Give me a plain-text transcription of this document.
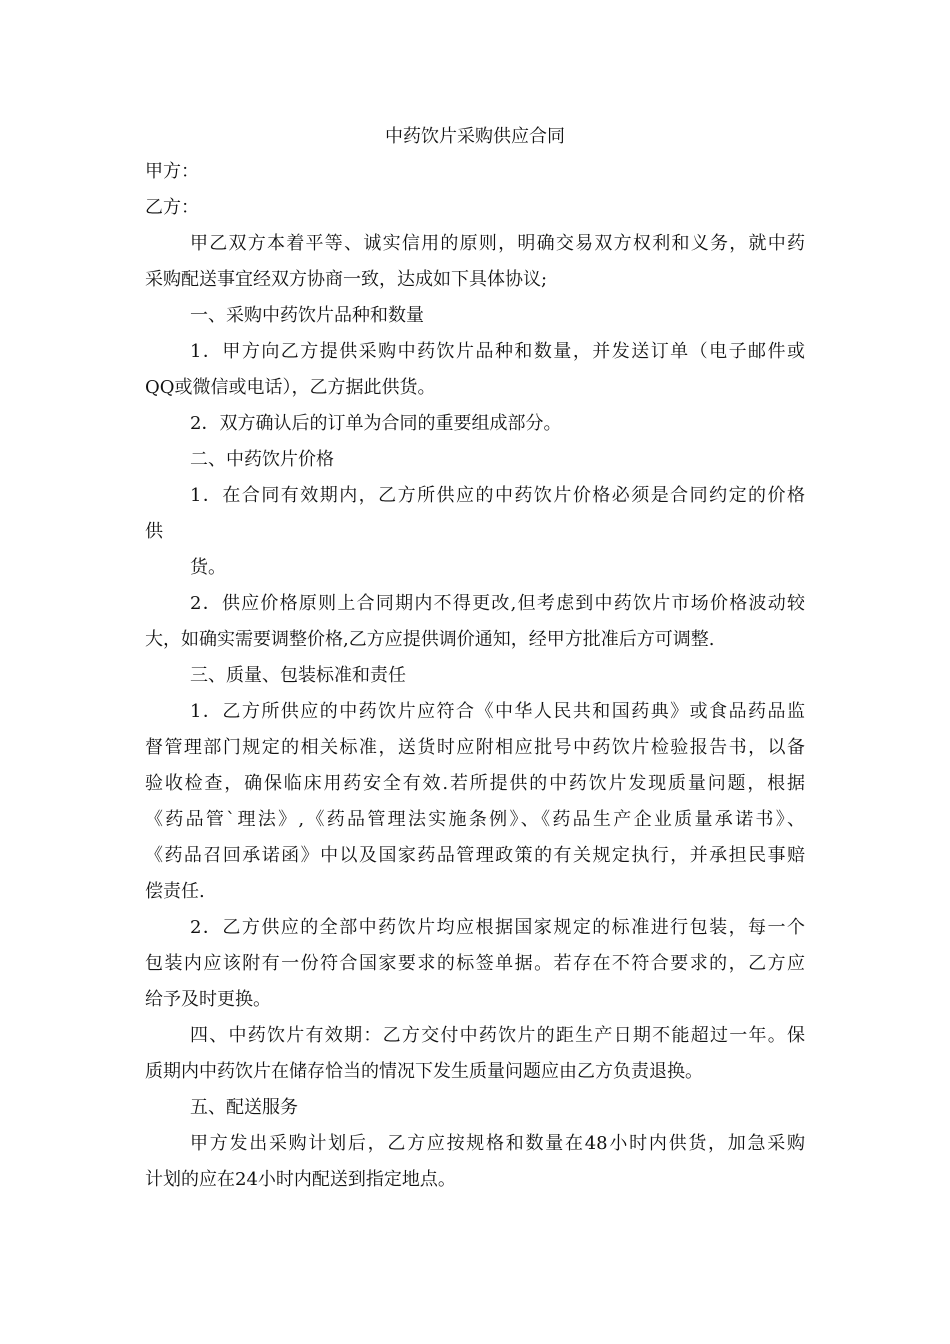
中药饮片采购供应合同
甲方：
乙方：
甲乙双方本着平等、诚实信用的原则，明确交易双方权利和义务，就中药
采购配送事宜经双方协商一致，达成如下具体协议;
一、采购中药饮片品种和数量
1．甲方向乙方提供采购中药饮片品种和数量，并发送订单（电子邮件或
QQ或微信或电话），乙方据此供货。
2．双方确认后的订单为合同的重要组成部分。
二、中药饮片价格
1．在合同有效期内，乙方所供应的中药饮片价格必须是合同约定的价格
供
货。
2．供应价格原则上合同期内不得更改,但考虑到中药饮片市场价格波动较
大，如确实需要调整价格,乙方应提供调价通知，经甲方批准后方可调整.
三、质量、包装标准和责任
1．乙方所供应的中药饮片应符合《中华人民共和国药典》或食品药品监
督管理部门规定的相关标准，送货时应附相应批号中药饮片检验报告书，以备
验收检查，确保临床用药安全有效.若所提供的中药饮片发现质量问题，根据
《药品管`理法》,《药品管理法实施条例》、《药品生产企业质量承诺书》、
《药品召回承诺函》中以及国家药品管理政策的有关规定执行，并承担民事赔
偿责任.
2．乙方供应的全部中药饮片均应根据国家规定的标准进行包装，每一个
包装内应该附有一份符合国家要求的标签单据。若存在不符合要求的，乙方应
给予及时更换。
四、中药饮片有效期：乙方交付中药饮片的距生产日期不能超过一年。保
质期内中药饮片在储存恰当的情况下发生质量问题应由乙方负责退换。
五、配送服务
甲方发出采购计划后，乙方应按规格和数量在48小时内供货，加急采购
计划的应在24小时内配送到指定地点。
